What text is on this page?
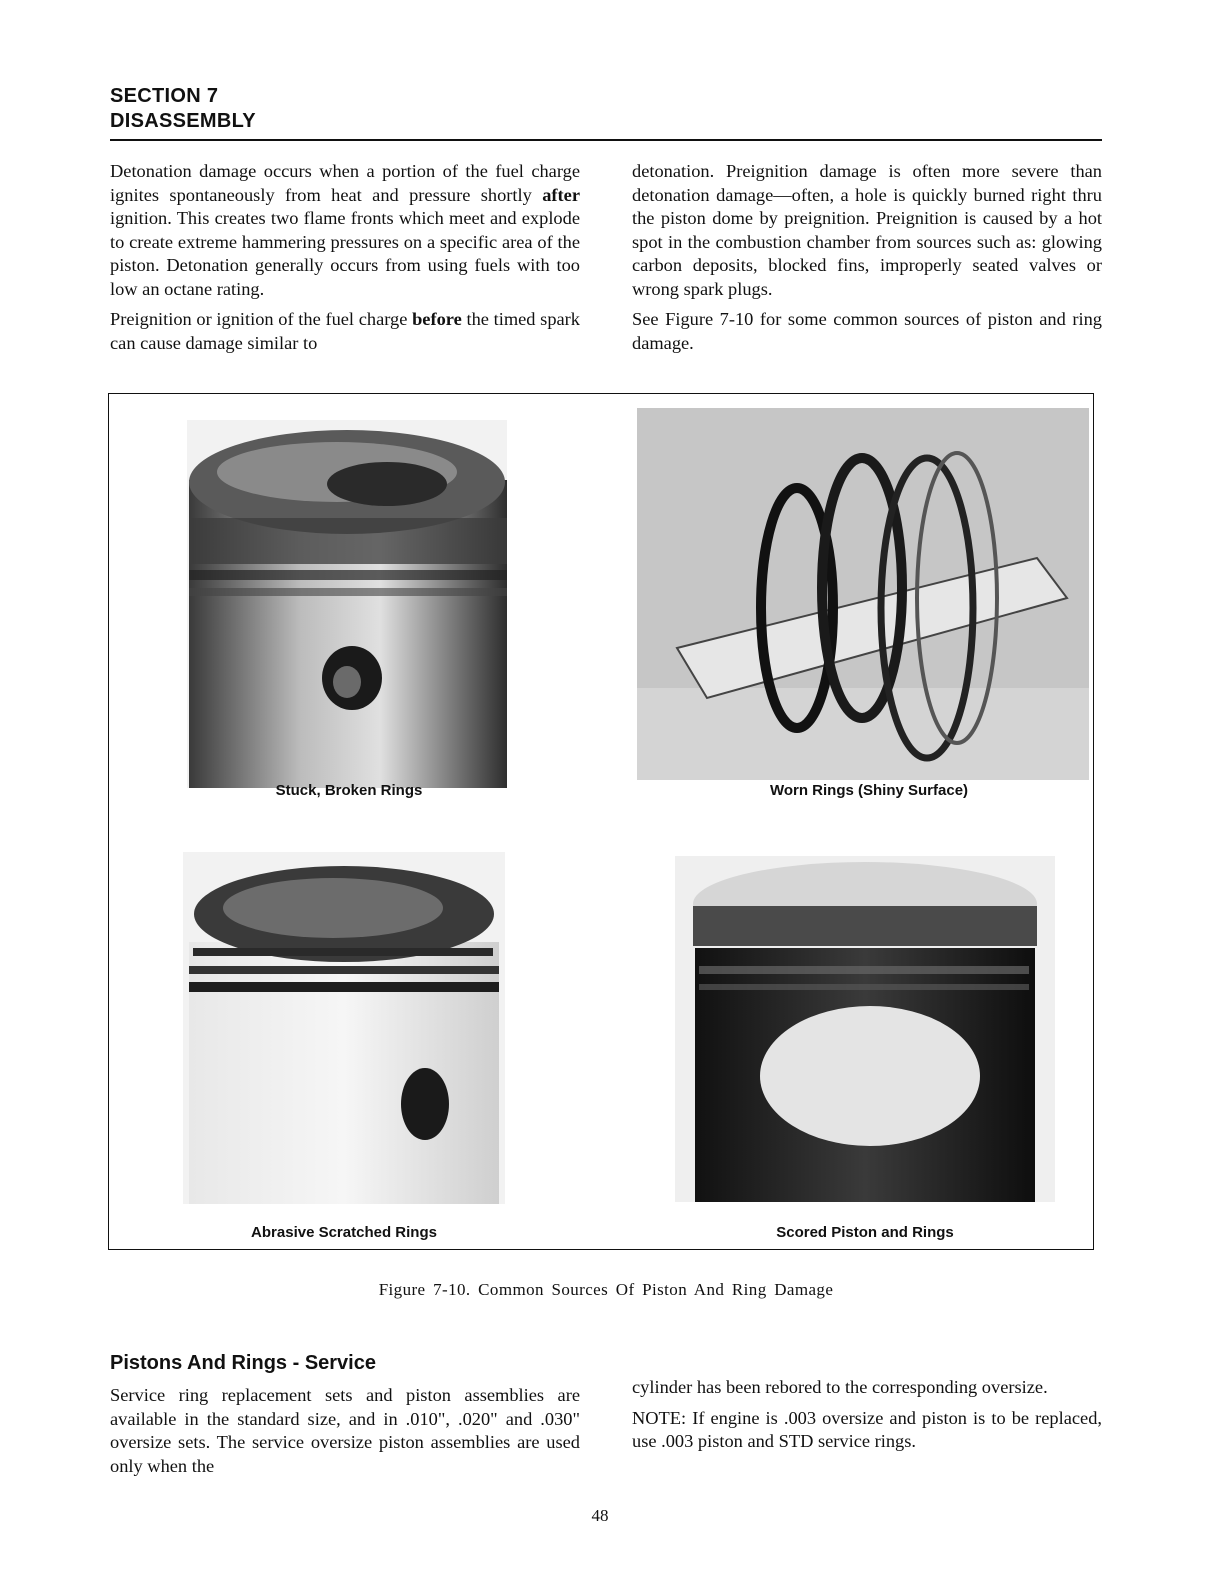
SECTION 7
DISASSEMBLY

Detonation damage occurs when a portion of the fuel charge ignites spontaneously from heat and pressure shortly after ignition. This creates two flame fronts which meet and explode to create extreme hammering pressures on a specific area of the piston. Detonation generally occurs from using fuels with too low an octane rating.

Preignition or ignition of the fuel charge before the timed spark can cause damage similar to

detonation. Preignition damage is often more severe than detonation damage—often, a hole is quickly burned right thru the piston dome by preignition. Preignition is caused by a hot spot in the combustion chamber from sources such as: glowing carbon deposits, blocked fins, improperly seated valves or wrong spark plugs.

See Figure 7-10 for some common sources of piston and ring damage.

Stuck, Broken Rings	Worn Rings (Shiny Surface)
Abrasive Scratched Rings	Scored Piston and Rings
Figure 7-10. Common Sources Of Piston And Ring Damage
Pistons And Rings - Service

Service ring replacement sets and piston assemblies are available in the standard size, and in .010", .020" and .030" oversize sets. The service oversize piston assemblies are used only when the

cylinder has been rebored to the corresponding oversize.

NOTE: If engine is .003 oversize and piston is to be replaced, use .003 piston and STD service rings.

48
